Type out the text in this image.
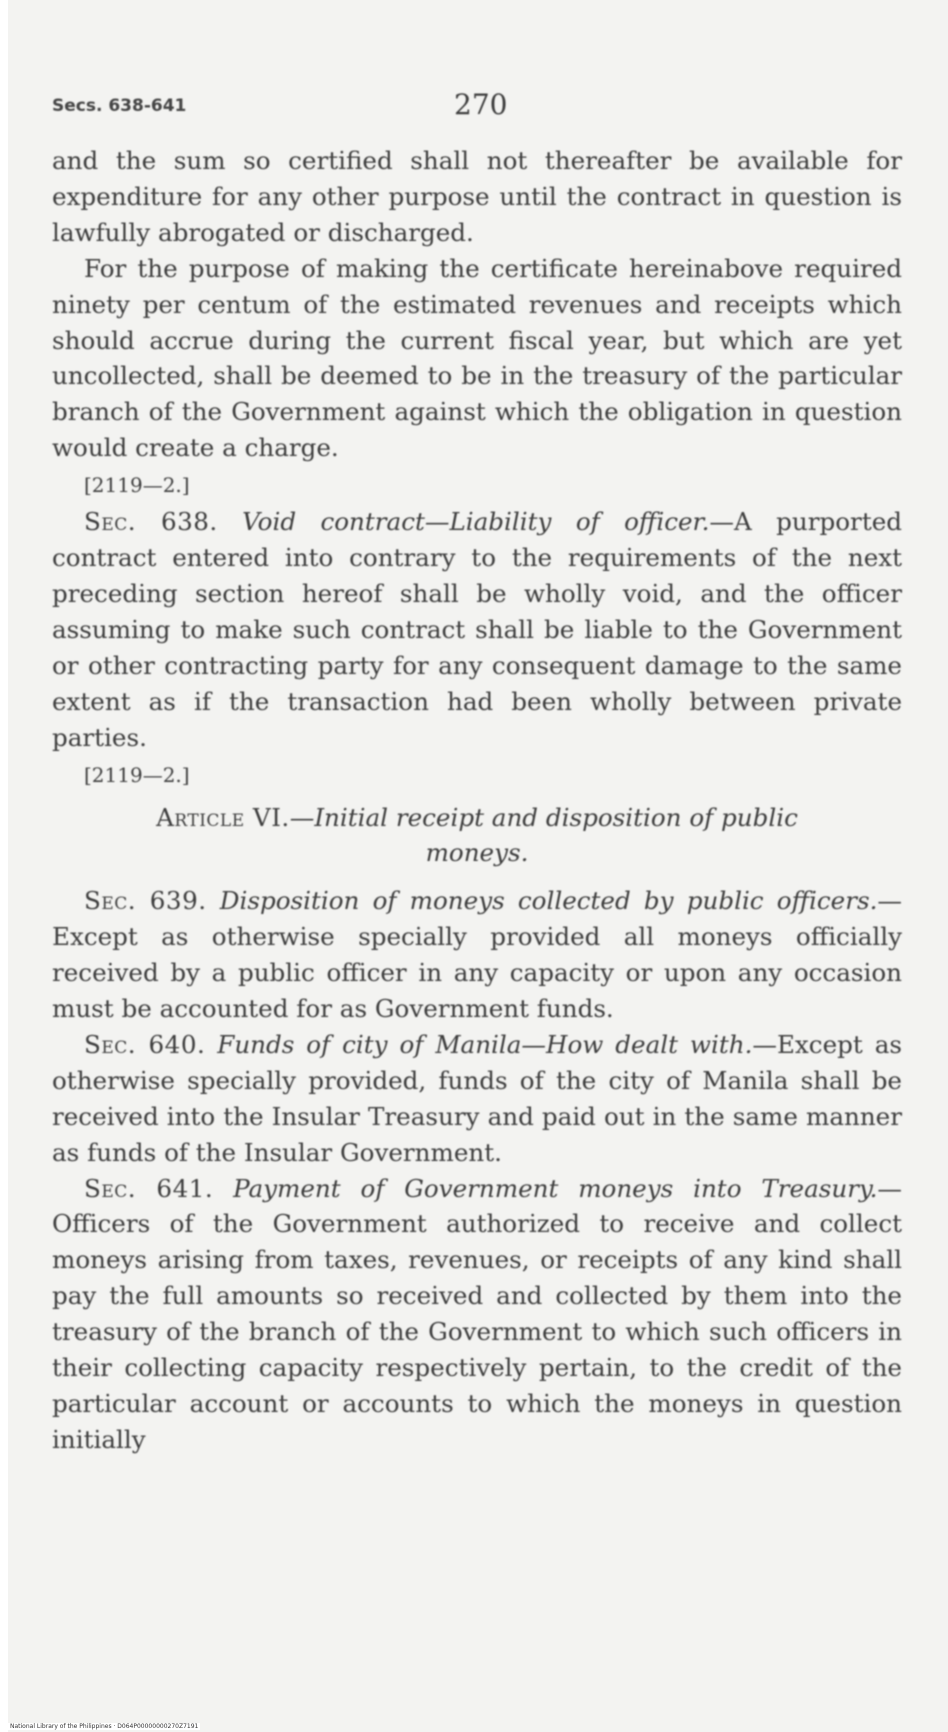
Secs. 638-641	270

and the sum so certified shall not thereafter be available for expenditure for any other purpose until the contract in question is lawfully abrogated or discharged.

For the purpose of making the certificate hereinabove required ninety per centum of the estimated revenues and receipts which should accrue during the current fiscal year, but which are yet uncollected, shall be deemed to be in the treasury of the particular branch of the Government against which the obligation in question would create a charge.

[2119—2.]

Sec. 638. Void contract—Liability of officer.—A purported contract entered into contrary to the requirements of the next preceding section hereof shall be wholly void, and the officer assuming to make such contract shall be liable to the Government or other contracting party for any consequent damage to the same extent as if the transaction had been wholly between private parties.

[2119—2.]

Article VI.—Initial receipt and disposition of public moneys.

Sec. 639. Disposition of moneys collected by public officers.—Except as otherwise specially provided all moneys officially received by a public officer in any capacity or upon any occasion must be accounted for as Government funds.

Sec. 640. Funds of city of Manila—How dealt with.—Except as otherwise specially provided, funds of the city of Manila shall be received into the Insular Treasury and paid out in the same manner as funds of the Insular Government.

Sec. 641. Payment of Government moneys into Treasury.—Officers of the Government authorized to receive and collect moneys arising from taxes, revenues, or receipts of any kind shall pay the full amounts so received and collected by them into the treasury of the branch of the Government to which such officers in their collecting capacity respectively pertain, to the credit of the particular account or accounts to which the moneys in question initially

National Library of the Philippines · D064P00000000270Z7191
